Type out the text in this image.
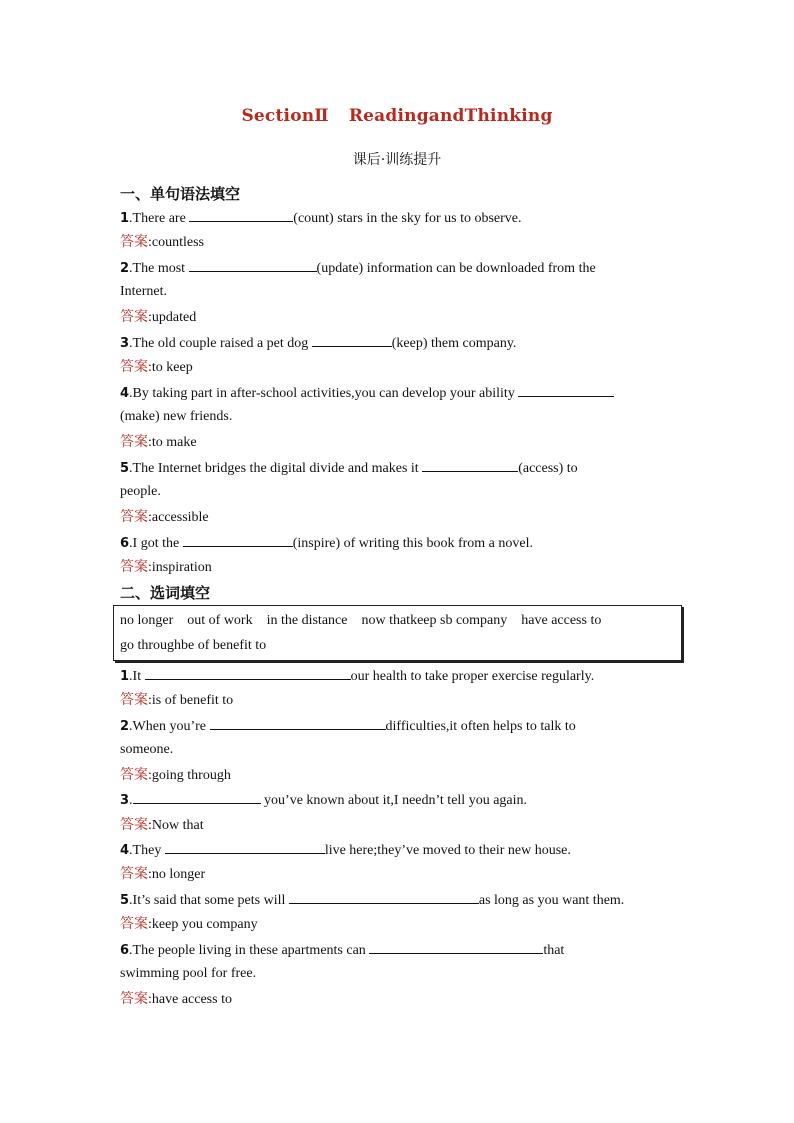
SectionⅡ ReadingandThinking
课后·训练提升
一、单句语法填空
1.There are	(count) stars in the sky for us to observe.
答案:countless
2.The most	(update) information can be downloaded from the
Internet.
答案:updated
3.The old couple raised a pet dog	(keep) them company.
答案:to keep
4.By taking part in after-school activities,you can develop your ability
(make) new friends.
答案:to make
5.The Internet bridges the digital divide and makes it	(access) to
people.
答案:accessible
6.I got the	(inspire) of writing this book from a novel.
答案:inspiration
二、选词填空
no longer out of work in the distance now thatkeep sb company have access to
go throughbe of benefit to
1.It	our health to take proper exercise regularly.
答案:is of benefit to
2.When you’re	difficulties,it often helps to talk to
someone.
答案:going through
3.	you’ve known about it,I needn’t tell you again.
答案:Now that
4.They	live here;they’ve moved to their new house.
答案:no longer
5.It’s said that some pets will	as long as you want them.
答案:keep you company
6.The people living in these apartments can	that
swimming pool for free.
答案:have access to
